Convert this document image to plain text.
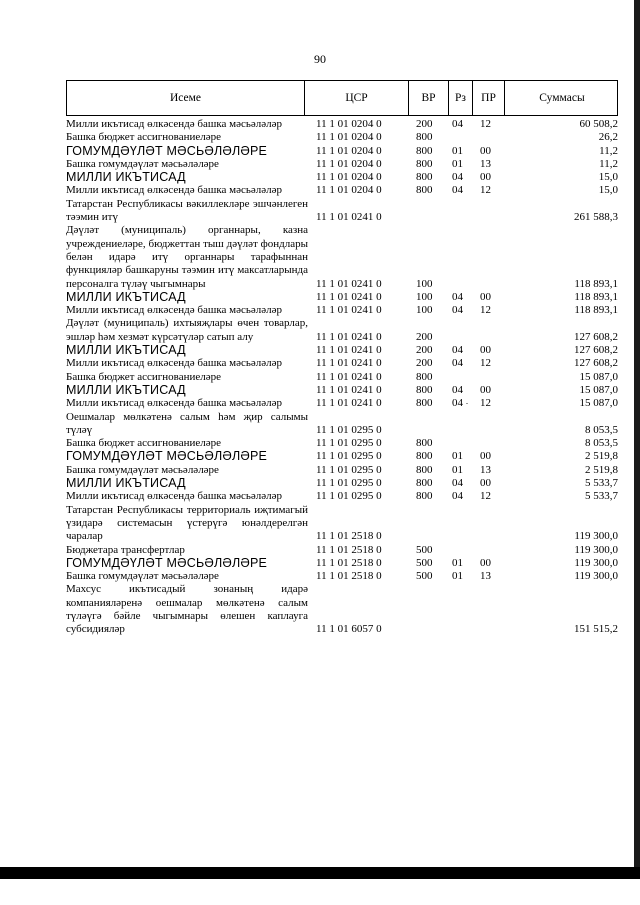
90
Исеме	ЦСР	ВР	Рз	ПР	Суммасы
Милли икътисад өлкәсендә башка мәсьәләләр	11 1 01 0204 0	200 04 12	60 508,2
Башка бюджет ассигнованиеләре	11 1 01 0204 0	800	26,2
ГОМУМДӘҮЛӘТ МӘСЬӘЛӘЛӘРЕ	11 1 01 0204 0	800 01 00	11,2
Башка гомумдәүләт мәсьәләләре	11 1 01 0204 0	800 01 13	11,2
МИЛЛИ ИКЪТИСАД	11 1 01 0204 0	800 04 00	15,0
Милли икътисад өлкәсендә башка мәсьәләләр	11 1 01 0204 0	800 04 12	15,0
Татарстан Республикасы вәкиллекләре эшчәнлеген тәэмин итү	11 1 01 0241 0	261 588,3
Дәүләт (муниципаль) органнары, казна учреждениеләре, бюджеттан тыш дәүләт фондлары белән идарә итү органнары тарафыннан функцияләр башкаруны тәэмин итү максатларында персоналга түләү чыгымнары	11 1 01 0241 0	100	118 893,1
МИЛЛИ ИКЪТИСАД	11 1 01 0241 0	100 04 00	118 893,1
Милли икътисад өлкәсендә башка мәсьәләләр	11 1 01 0241 0	100 04 12	118 893,1
Дәүләт (муниципаль) ихтыяҗлары өчен товарлар, эшләр һәм хезмәт күрсәтүләр сатып алу	11 1 01 0241 0	200	127 608,2
МИЛЛИ ИКЪТИСАД	11 1 01 0241 0	200 04 00	127 608,2
Милли икътисад өлкәсендә башка мәсьәләләр	11 1 01 0241 0	200 04 12	127 608,2
Башка бюджет ассигнованиеләре	11 1 01 0241 0	800	15 087,0
МИЛЛИ ИКЪТИСАД	11 1 01 0241 0	800 04 00	15 087,0
Милли икътисад өлкәсендә башка мәсьәләләр	11 1 01 0241 0	800 04 12	15 087,0
Оешмалар мөлкәтенә салым һәм җир салымы түләү	11 1 01 0295 0	8 053,5
Башка бюджет ассигнованиеләре	11 1 01 0295 0	800	8 053,5
ГОМУМДӘҮЛӘТ МӘСЬӘЛӘЛӘРЕ	11 1 01 0295 0	800 01 00	2 519,8
Башка гомумдәүләт мәсьәләләре	11 1 01 0295 0	800 01 13	2 519,8
МИЛЛИ ИКЪТИСАД	11 1 01 0295 0	800 04 00	5 533,7
Милли икътисад өлкәсендә башка мәсьәләләр	11 1 01 0295 0	800 04 12	5 533,7
Татарстан Республикасы территориаль иҗтимагый үзидарә системасын үстерүгә юнәлдерелгән чаралар	11 1 01 2518 0	119 300,0
Бюджетара трансфертлар	11 1 01 2518 0	500	119 300,0
ГОМУМДӘҮЛӘТ МӘСЬӘЛӘЛӘРЕ	11 1 01 2518 0	500 01 00	119 300,0
Башка гомумдәүләт мәсьәләләре	11 1 01 2518 0	500 01 13	119 300,0
Махсус икътисадый зонаның идарә компанияләренә оешмалар мөлкәтенә салым түләүгә бәйле чыгымнары өлешен каплауга субсидияләр	11 1 01 6057 0	151 515,2
